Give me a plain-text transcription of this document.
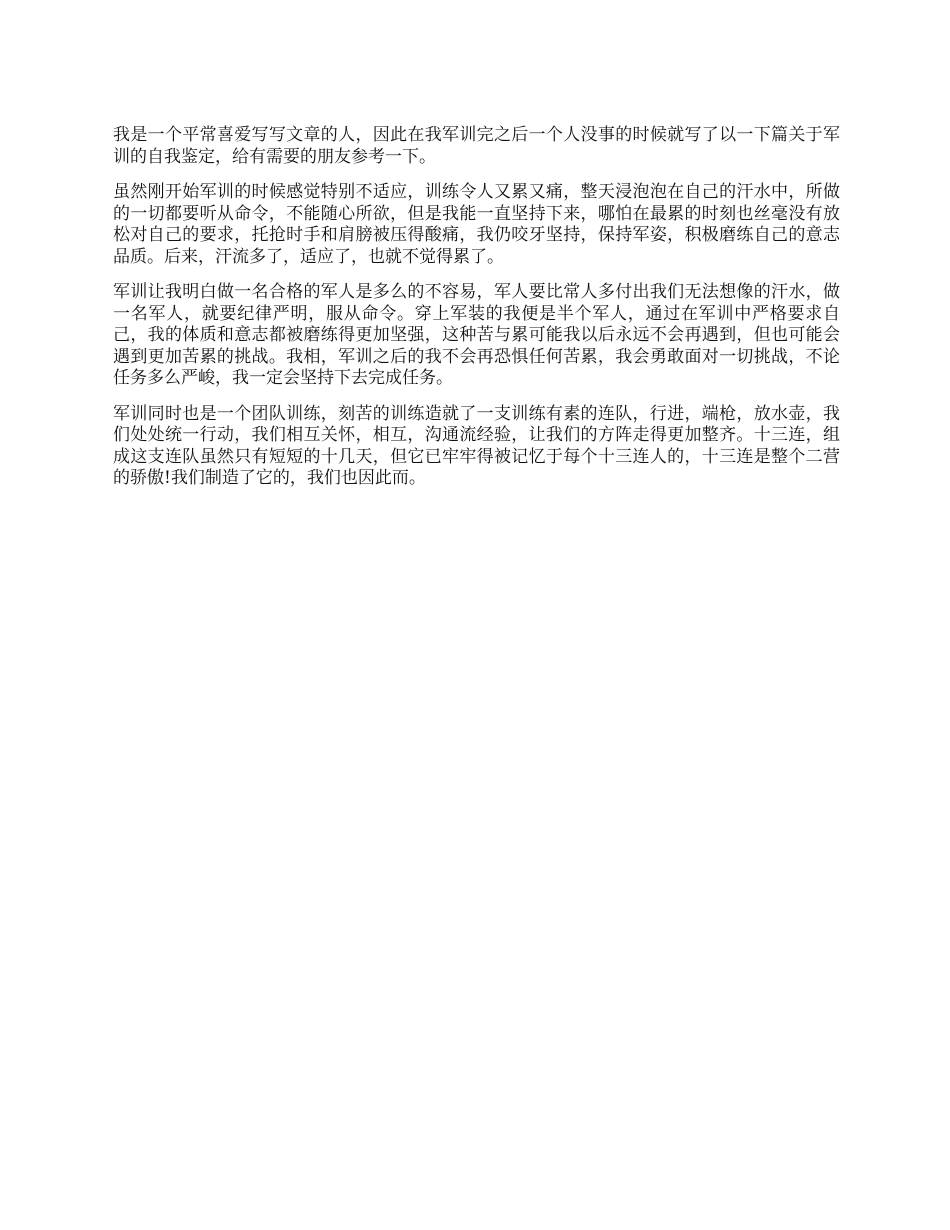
我是一个平常喜爱写写文章的人，因此在我军训完之后一个人没事的时候就写了以一下篇关于军训的自我鉴定，给有需要的朋友参考一下。

虽然刚开始军训的时候感觉特别不适应，训练令人又累又痛，整天浸泡泡在自己的汗水中，所做的一切都要听从命令，不能随心所欲，但是我能一直坚持下来，哪怕在最累的时刻也丝毫没有放松对自己的要求，托抢时手和肩膀被压得酸痛，我仍咬牙坚持，保持军姿，积极磨练自己的意志品质。后来，汗流多了，适应了，也就不觉得累了。

军训让我明白做一名合格的军人是多么的不容易，军人要比常人多付出我们无法想像的汗水，做一名军人，就要纪律严明，服从命令。穿上军装的我便是半个军人，通过在军训中严格要求自己，我的体质和意志都被磨练得更加坚强，这种苦与累可能我以后永远不会再遇到，但也可能会遇到更加苦累的挑战。我相，军训之后的我不会再恐惧任何苦累，我会勇敢面对一切挑战，不论任务多么严峻，我一定会坚持下去完成任务。

军训同时也是一个团队训练，刻苦的训练造就了一支训练有素的连队，行进，端枪，放水壶，我们处处统一行动，我们相互关怀，相互，沟通流经验，让我们的方阵走得更加整齐。十三连，组成这支连队虽然只有短短的十几天，但它已牢牢得被记忆于每个十三连人的，十三连是整个二营的骄傲!我们制造了它的，我们也因此而。
